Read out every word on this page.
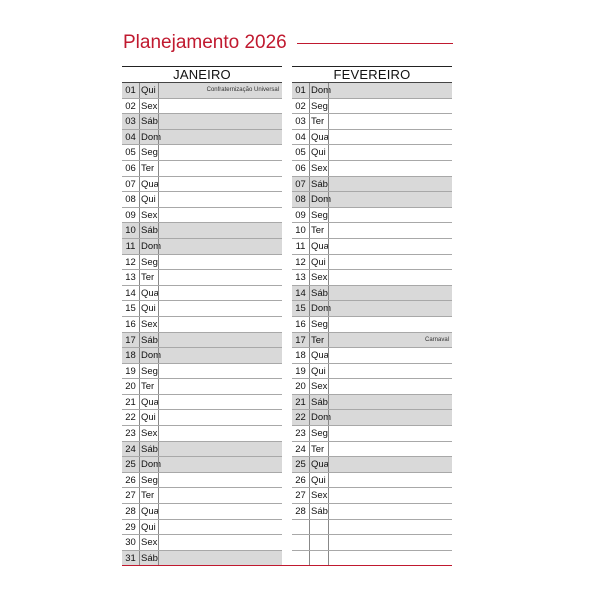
Planejamento 2026
JANEIRO
01 Qui	Confraternização Universal
02 Sex
03 Sáb
04 Dom
05 Seg
06 Ter
07 Qua
08 Qui
09 Sex
10 Sáb
11 Dom
12 Seg
13 Ter
14 Qua
15 Qui
16 Sex
17 Sáb
18 Dom
19 Seg
20 Ter
21 Qua
22 Qui
23 Sex
24 Sáb
25 Dom
26 Seg
27 Ter
28 Qua
29 Qui
30 Sex
31 Sáb
FEVEREIRO
01 Dom
02 Seg
03 Ter
04 Qua
05 Qui
06 Sex
07 Sáb
08 Dom
09 Seg
10 Ter
11 Qua
12 Qui
13 Sex
14 Sáb
15 Dom
16 Seg
17 Ter	Carnaval
18 Qua
19 Qui
20 Sex
21 Sáb
22 Dom
23 Seg
24 Ter
25 Qua
26 Qui
27 Sex
28 Sáb
